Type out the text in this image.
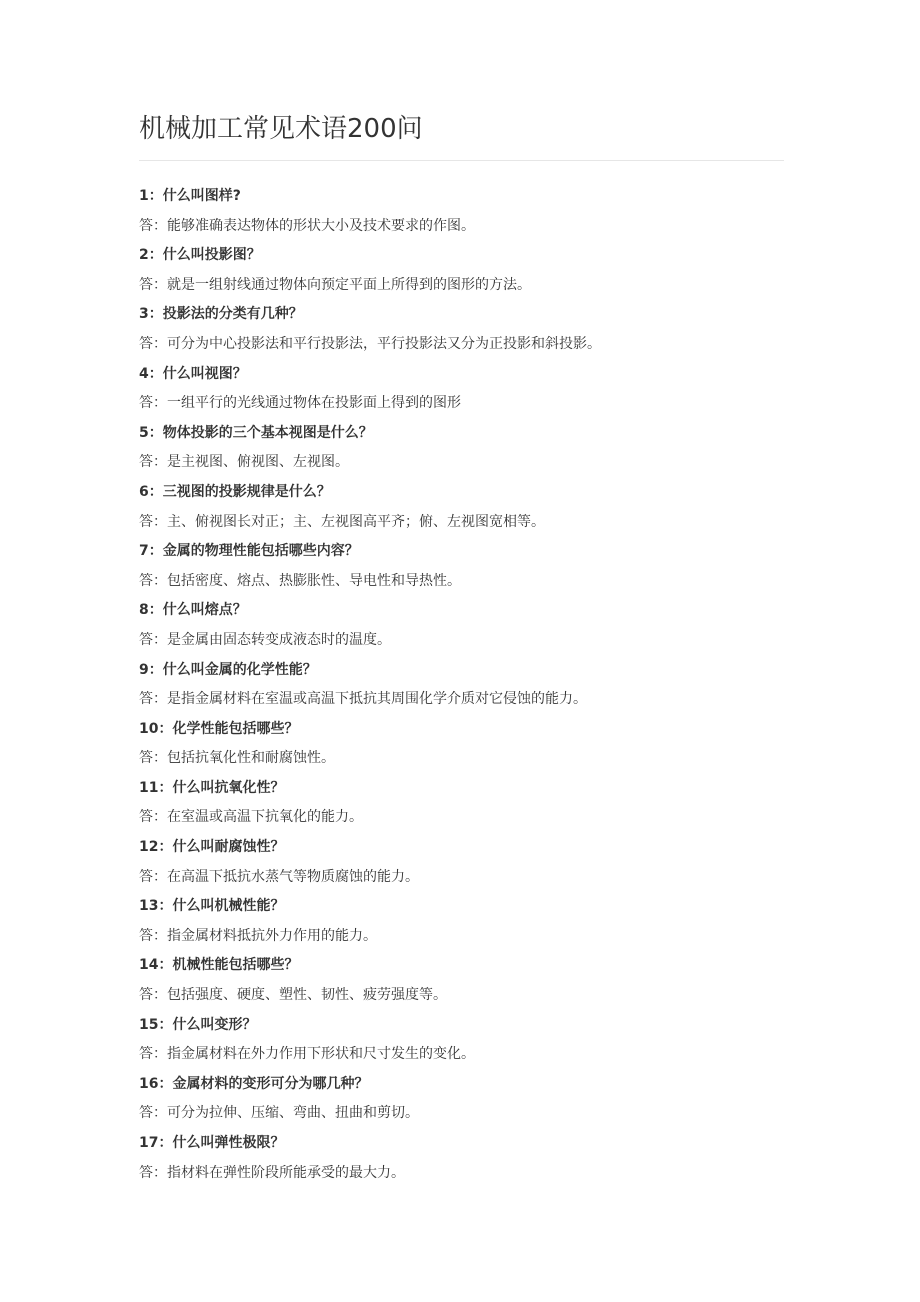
机械加工常见术语200问
1：什么叫图样?
答：能够准确表达物体的形状大小及技术要求的作图。
2：什么叫投影图？
答：就是一组射线通过物体向预定平面上所得到的图形的方法。
3：投影法的分类有几种？
答：可分为中心投影法和平行投影法，平行投影法又分为正投影和斜投影。
4：什么叫视图？
答：一组平行的光线通过物体在投影面上得到的图形
5：物体投影的三个基本视图是什么？
答：是主视图、俯视图、左视图。
6：三视图的投影规律是什么？
答：主、俯视图长对正；主、左视图高平齐；俯、左视图宽相等。
7：金属的物理性能包括哪些内容？
答：包括密度、熔点、热膨胀性、导电性和导热性。
8：什么叫熔点？
答：是金属由固态转变成液态时的温度。
9：什么叫金属的化学性能？
答：是指金属材料在室温或高温下抵抗其周围化学介质对它侵蚀的能力。
10：化学性能包括哪些？
答：包括抗氧化性和耐腐蚀性。
11：什么叫抗氧化性？
答：在室温或高温下抗氧化的能力。
12：什么叫耐腐蚀性？
答：在高温下抵抗水蒸气等物质腐蚀的能力。
13：什么叫机械性能？
答：指金属材料抵抗外力作用的能力。
14：机械性能包括哪些？
答：包括强度、硬度、塑性、韧性、疲劳强度等。
15：什么叫变形？
答：指金属材料在外力作用下形状和尺寸发生的变化。
16：金属材料的变形可分为哪几种？
答：可分为拉伸、压缩、弯曲、扭曲和剪切。
17：什么叫弹性极限？
答：指材料在弹性阶段所能承受的最大力。
